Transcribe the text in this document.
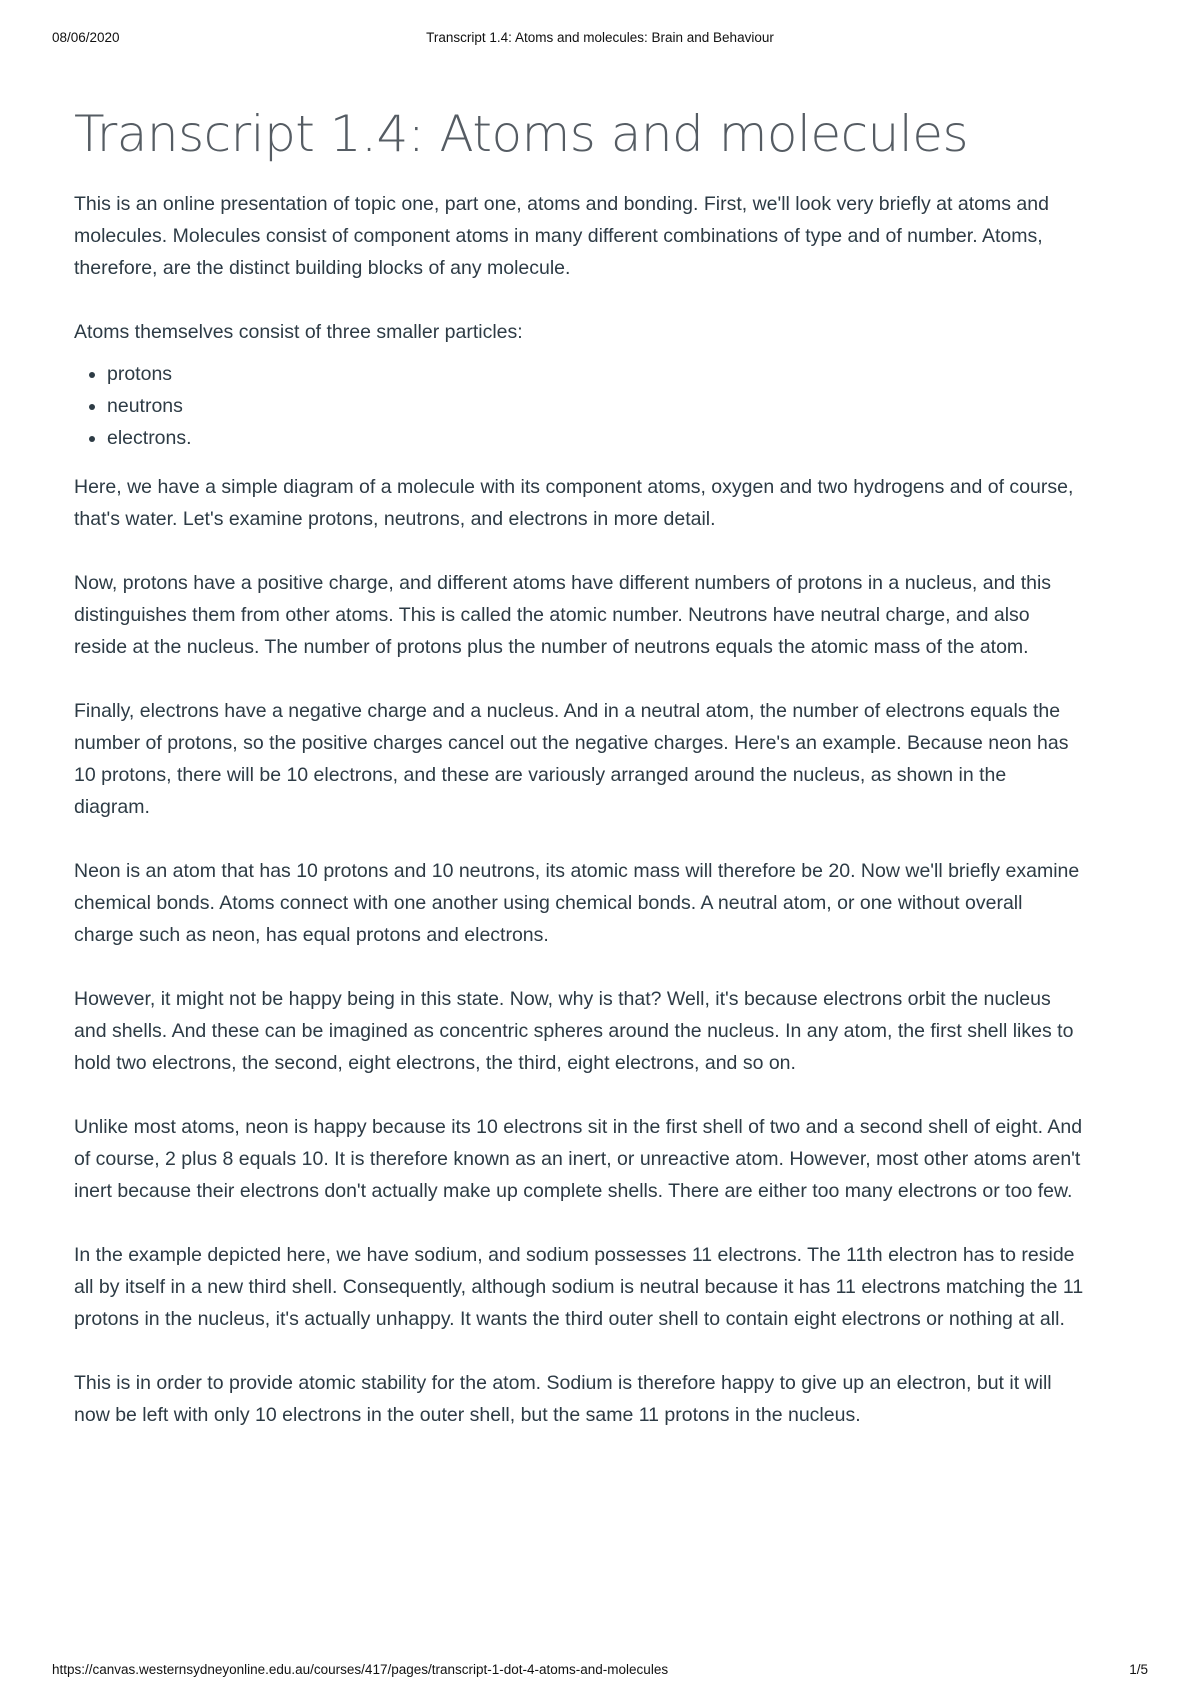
08/06/2020	Transcript 1.4: Atoms and molecules: Brain and Behaviour
Transcript 1.4: Atoms and molecules

This is an online presentation of topic one, part one, atoms and bonding. First, we'll look very briefly at atoms and molecules. Molecules consist of component atoms in many different combinations of type and of number. Atoms, therefore, are the distinct building blocks of any molecule.

Atoms themselves consist of three smaller particles:

• protons
• neutrons
• electrons.

Here, we have a simple diagram of a molecule with its component atoms, oxygen and two hydrogens and of course, that's water. Let's examine protons, neutrons, and electrons in more detail.

Now, protons have a positive charge, and different atoms have different numbers of protons in a nucleus, and this distinguishes them from other atoms. This is called the atomic number. Neutrons have neutral charge, and also reside at the nucleus. The number of protons plus the number of neutrons equals the atomic mass of the atom.

Finally, electrons have a negative charge and a nucleus. And in a neutral atom, the number of electrons equals the number of protons, so the positive charges cancel out the negative charges. Here's an example. Because neon has 10 protons, there will be 10 electrons, and these are variously arranged around the nucleus, as shown in the diagram.

Neon is an atom that has 10 protons and 10 neutrons, its atomic mass will therefore be 20. Now we'll briefly examine chemical bonds. Atoms connect with one another using chemical bonds. A neutral atom, or one without overall charge such as neon, has equal protons and electrons.

However, it might not be happy being in this state. Now, why is that? Well, it's because electrons orbit the nucleus and shells. And these can be imagined as concentric spheres around the nucleus. In any atom, the first shell likes to hold two electrons, the second, eight electrons, the third, eight electrons, and so on.

Unlike most atoms, neon is happy because its 10 electrons sit in the first shell of two and a second shell of eight. And of course, 2 plus 8 equals 10. It is therefore known as an inert, or unreactive atom. However, most other atoms aren't inert because their electrons don't actually make up complete shells. There are either too many electrons or too few.

In the example depicted here, we have sodium, and sodium possesses 11 electrons. The 11th electron has to reside all by itself in a new third shell. Consequently, although sodium is neutral because it has 11 electrons matching the 11 protons in the nucleus, it's actually unhappy. It wants the third outer shell to contain eight electrons or nothing at all.

This is in order to provide atomic stability for the atom. Sodium is therefore happy to give up an electron, but it will now be left with only 10 electrons in the outer shell, but the same 11 protons in the nucleus.

https://canvas.westernsydneyonline.edu.au/courses/417/pages/transcript-1-dot-4-atoms-and-molecules	1/5
